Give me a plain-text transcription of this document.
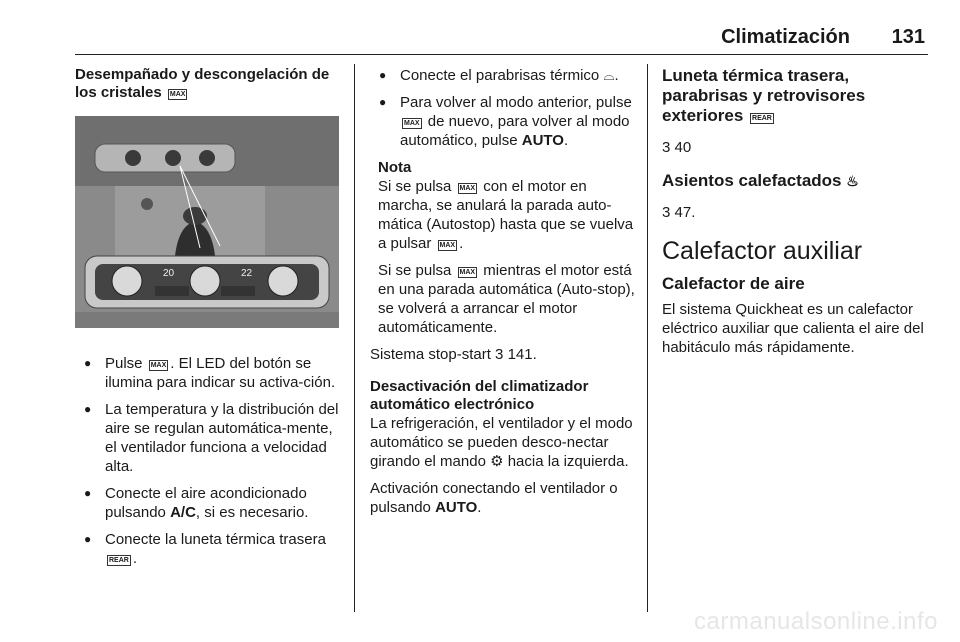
Climatización 131
Desempañado y descongelación de
los cristales MAX
20	22
● Pulse MAX . El LED del botón se ilumina para indicar su activa-ción.
● La temperatura y la distribución del aire se regulan automática-mente, el ventilador funciona a velocidad alta.
● Conecte el aire acondicionado pulsando A/C, si es necesario.
● Conecte la luneta térmica trasera REAR .
● Conecte el parabrisas térmico ⌓.
● Para volver al modo anterior, pulse MAX de nuevo, para volver al modo automático, pulse AUTO.

Nota

Si se pulsa MAX con el motor en marcha, se anulará la parada auto-mática (Autostop) hasta que se vuelva a pulsar MAX .

Si se pulsa MAX mientras el motor está en una parada automática (Auto-stop), se volverá a arrancar el motor automáticamente.

Sistema stop-start 3 141.

Desactivación del climatizador automático electrónico

La refrigeración, el ventilador y el modo automático se pueden desco-nectar girando el mando ⚙ hacia la izquierda.

Activación conectando el ventilador o pulsando AUTO.

Luneta térmica trasera, parabrisas y retrovisores exteriores REAR

3 40

Asientos calefactados ♨

3 47.

Calefactor auxiliar
Calefactor de aire

El sistema Quickheat es un calefactor eléctrico auxiliar que calienta el aire del habitáculo más rápidamente.

carmanualsonline.info
